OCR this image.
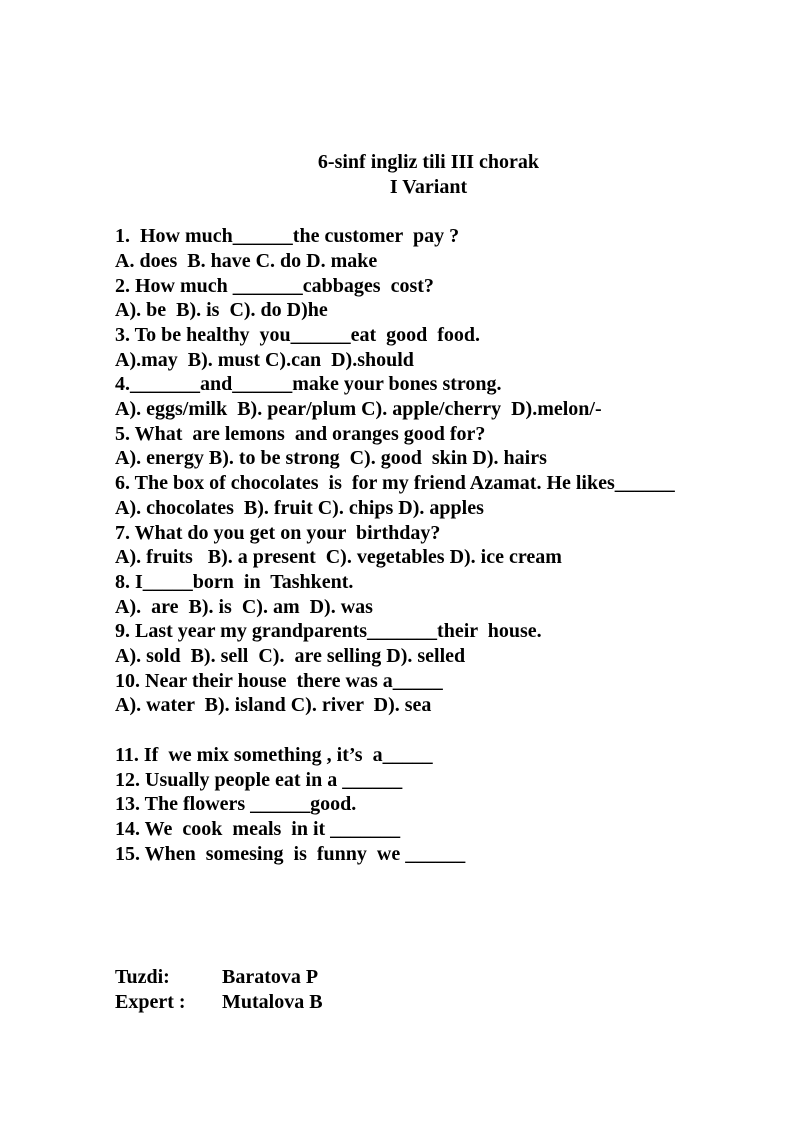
6-sinf ingliz tili III chorak
I Variant
1.  How much______the customer  pay ?
A. does  B. have C. do D. make
2. How much _______cabbages  cost?
A). be  B). is  C). do D)he
3. To be healthy  you______eat  good  food.
A).may  B). must C).can  D).should
4._______and______make your bones strong.
A). eggs/milk  B). pear/plum C). apple/cherry  D).melon/-
5. What  are lemons  and oranges good for?
A). energy B). to be strong  C). good  skin D). hairs
6. The box of chocolates  is  for my friend Azamat. He likes______
A). chocolates  B). fruit C). chips D). apples
7. What do you get on your  birthday?
A). fruits   B). a present  C). vegetables D). ice cream
8. I_____born  in  Tashkent.
A).  are  B). is  C). am  D). was
9. Last year my grandparents_______their  house.
A). sold  B). sell  C).  are selling D). selled
10. Near their house  there was a_____
A). water  B). island C). river  D). sea
11. If  we mix something , it’s  a_____
12. Usually people eat in a ______
13. The flowers ______good.
14. We  cook  meals  in it _______
15. When  somesing  is  funny  we ______
Tuzdi:	Baratova P
Expert :	Mutalova B
